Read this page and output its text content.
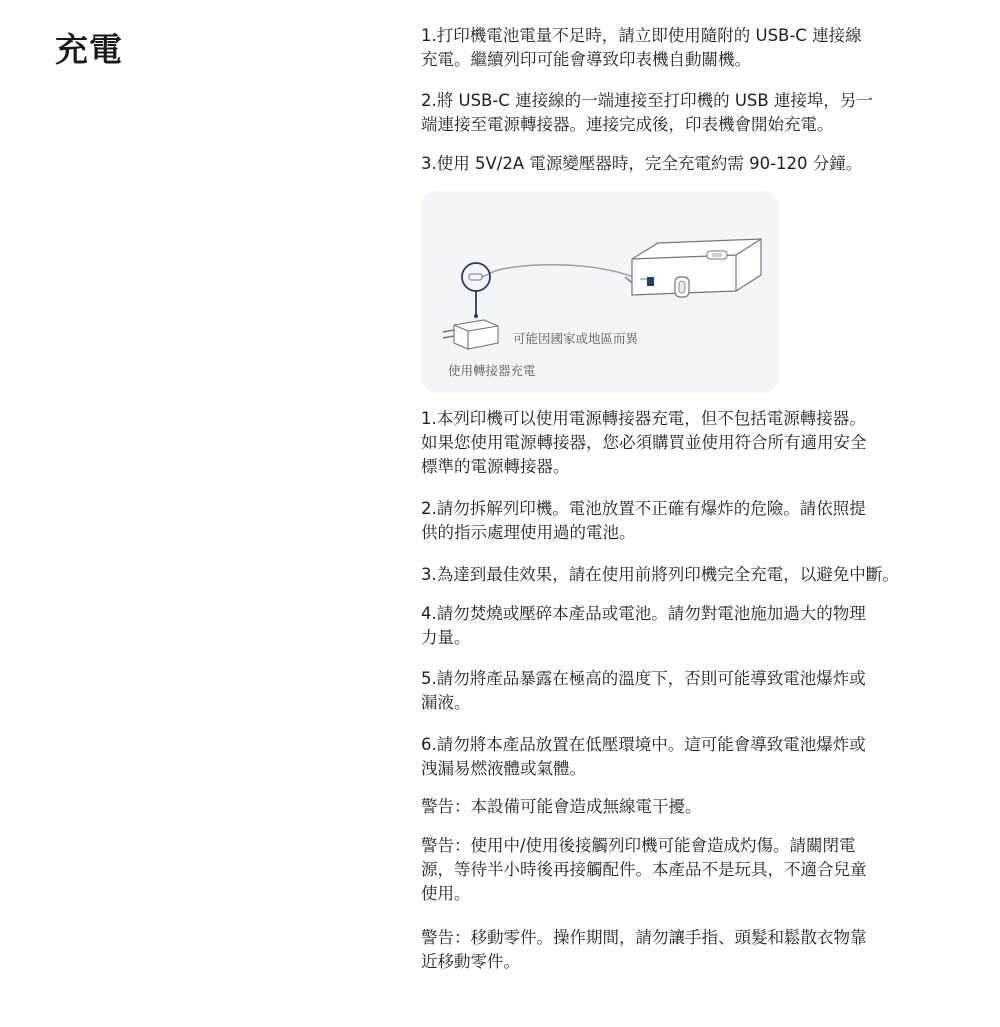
充電	1.打印機電池電量不足時，請立即使用隨附的 USB-C 連接線
充電。繼續列印可能會導致印表機自動關機。

2.將 USB-C 連接線的一端連接至打印機的 USB 連接埠，另一
端連接至電源轉接器。連接完成後，印表機會開始充電。

3.使用 5V/2A 電源變壓器時，完全充電約需 90-120 分鐘。

可能因國家或地區而異
使用轉接器充電

1.本列印機可以使用電源轉接器充電，但不包括電源轉接器。
如果您使用電源轉接器，您必須購買並使用符合所有適用安全
標準的電源轉接器。

2.請勿拆解列印機。電池放置不正確有爆炸的危險。請依照提
供的指示處理使用過的電池。

3.為達到最佳效果，請在使用前將列印機完全充電，以避免中斷。

4.請勿焚燒或壓碎本產品或電池。請勿對電池施加過大的物理
力量。

5.請勿將產品暴露在極高的溫度下，否則可能導致電池爆炸或
漏液。

6.請勿將本產品放置在低壓環境中。這可能會導致電池爆炸或
洩漏易燃液體或氣體。

警告：本設備可能會造成無線電干擾。

警告：使用中/使用後接觸列印機可能會造成灼傷。請關閉電
源，等待半小時後再接觸配件。本產品不是玩具，不適合兒童
使用。

警告：移動零件。操作期間，請勿讓手指、頭髮和鬆散衣物靠
近移動零件。
